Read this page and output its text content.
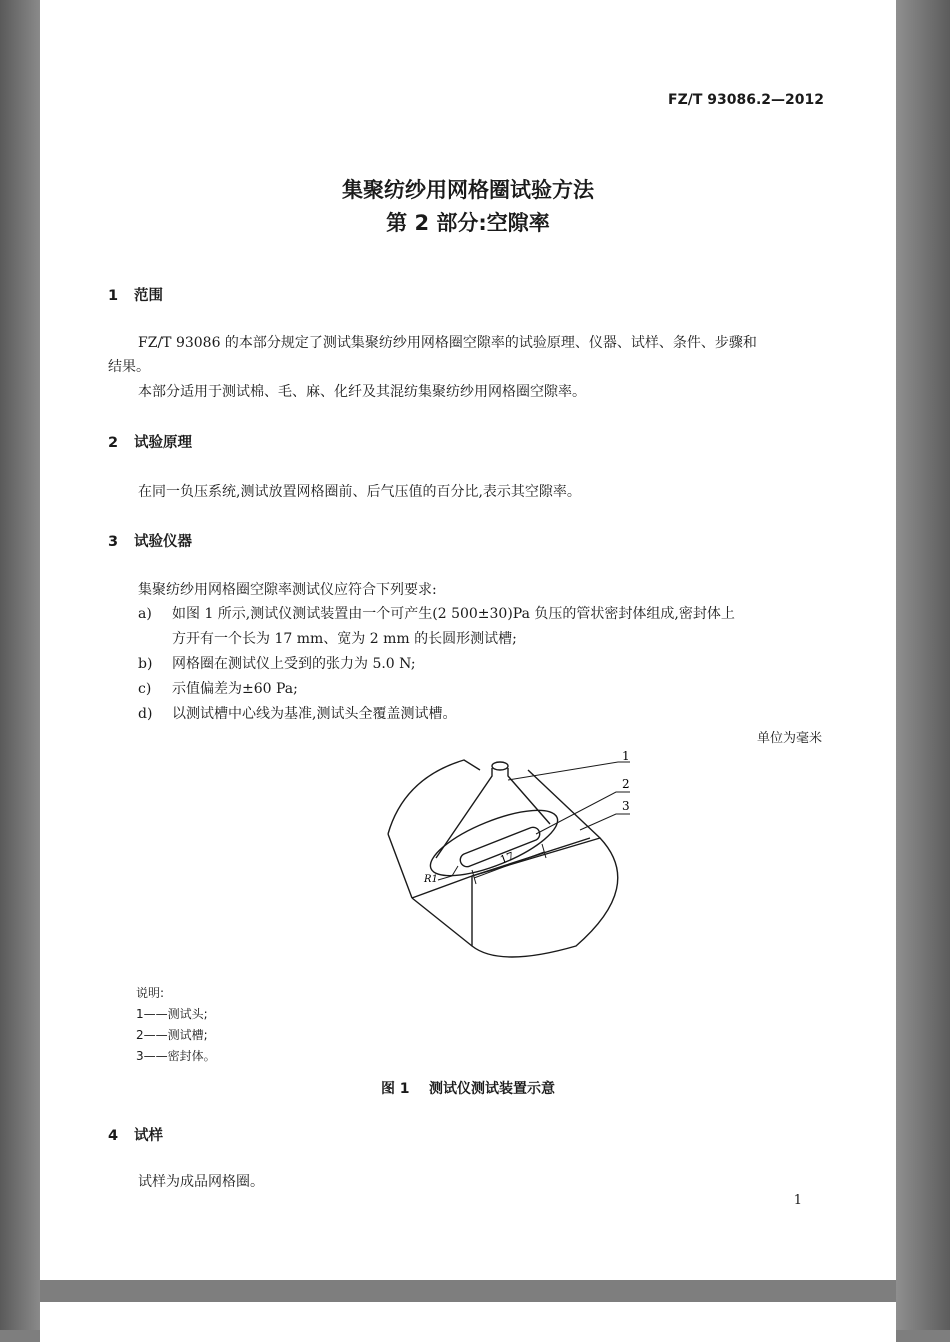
FZ/T 93086.2—2012
集聚纺纱用网格圈试验方法
第 2 部分:空隙率
1 范围
FZ/T 93086 的本部分规定了测试集聚纺纱用网格圈空隙率的试验原理、仪器、试样、条件、步骤和
结果。
本部分适用于测试棉、毛、麻、化纤及其混纺集聚纺纱用网格圈空隙率。
2 试验原理
在同一负压系统,测试放置网格圈前、后气压值的百分比,表示其空隙率。
3 试验仪器
集聚纺纱用网格圈空隙率测试仪应符合下列要求:
a) 如图 1 所示,测试仪测试装置由一个可产生(2 500±30)Pa 负压的管状密封体组成,密封体上
方开有一个长为 17 mm、宽为 2 mm 的长圆形测试槽;
b) 网格圈在测试仪上受到的张力为 5.0 N;
c) 示值偏差为±60 Pa;
d) 以测试槽中心线为基准,测试头全覆盖测试槽。
单位为毫米
1
2
3
17
R1
说明:
1——测试头;
2——测试槽;
3——密封体。
图 1    测试仪测试装置示意
4 试样
试样为成品网格圈。
1
